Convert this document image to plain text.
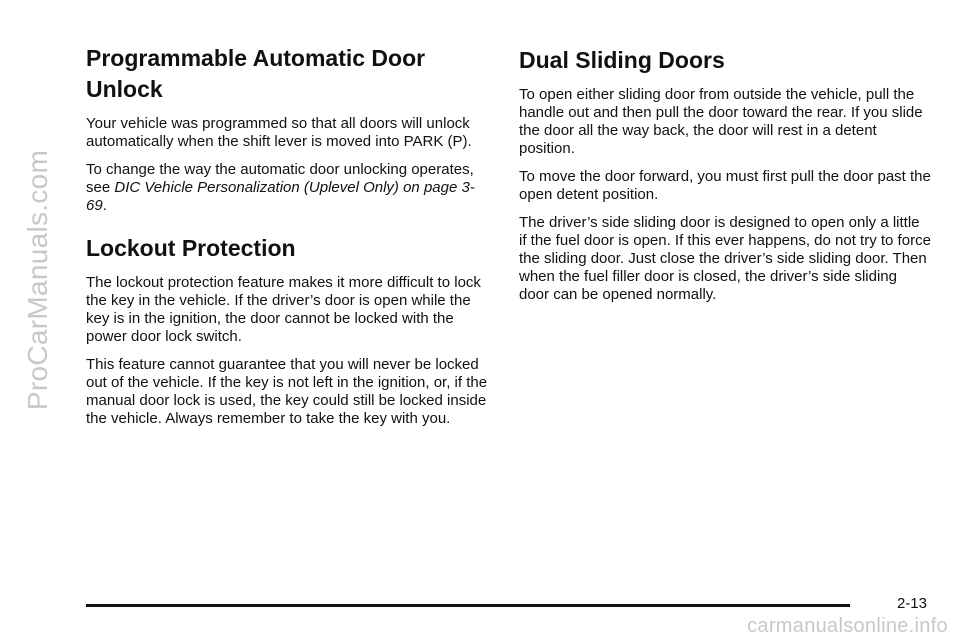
ProCarManuals.com
Programmable Automatic Door Unlock

Your vehicle was programmed so that all doors will unlock automatically when the shift lever is moved into PARK (P).

To change the way the automatic door unlocking operates, see DIC Vehicle Personalization (Uplevel Only) on page 3-69.

Lockout Protection

The lockout protection feature makes it more difficult to lock the key in the vehicle. If the driver’s door is open while the key is in the ignition, the door cannot be locked with the power door lock switch.

This feature cannot guarantee that you will never be locked out of the vehicle. If the key is not left in the ignition, or, if the manual door lock is used, the key could still be locked inside the vehicle. Always remember to take the key with you.

Dual Sliding Doors

To open either sliding door from outside the vehicle, pull the handle out and then pull the door toward the rear. If you slide the door all the way back, the door will rest in a detent position.

To move the door forward, you must first pull the door past the open detent position.

The driver’s side sliding door is designed to open only a little if the fuel door is open. If this ever happens, do not try to force the sliding door. Just close the driver’s side sliding door. Then when the fuel filler door is closed, the driver’s side sliding door can be opened normally.

2-13
carmanualsonline.info
